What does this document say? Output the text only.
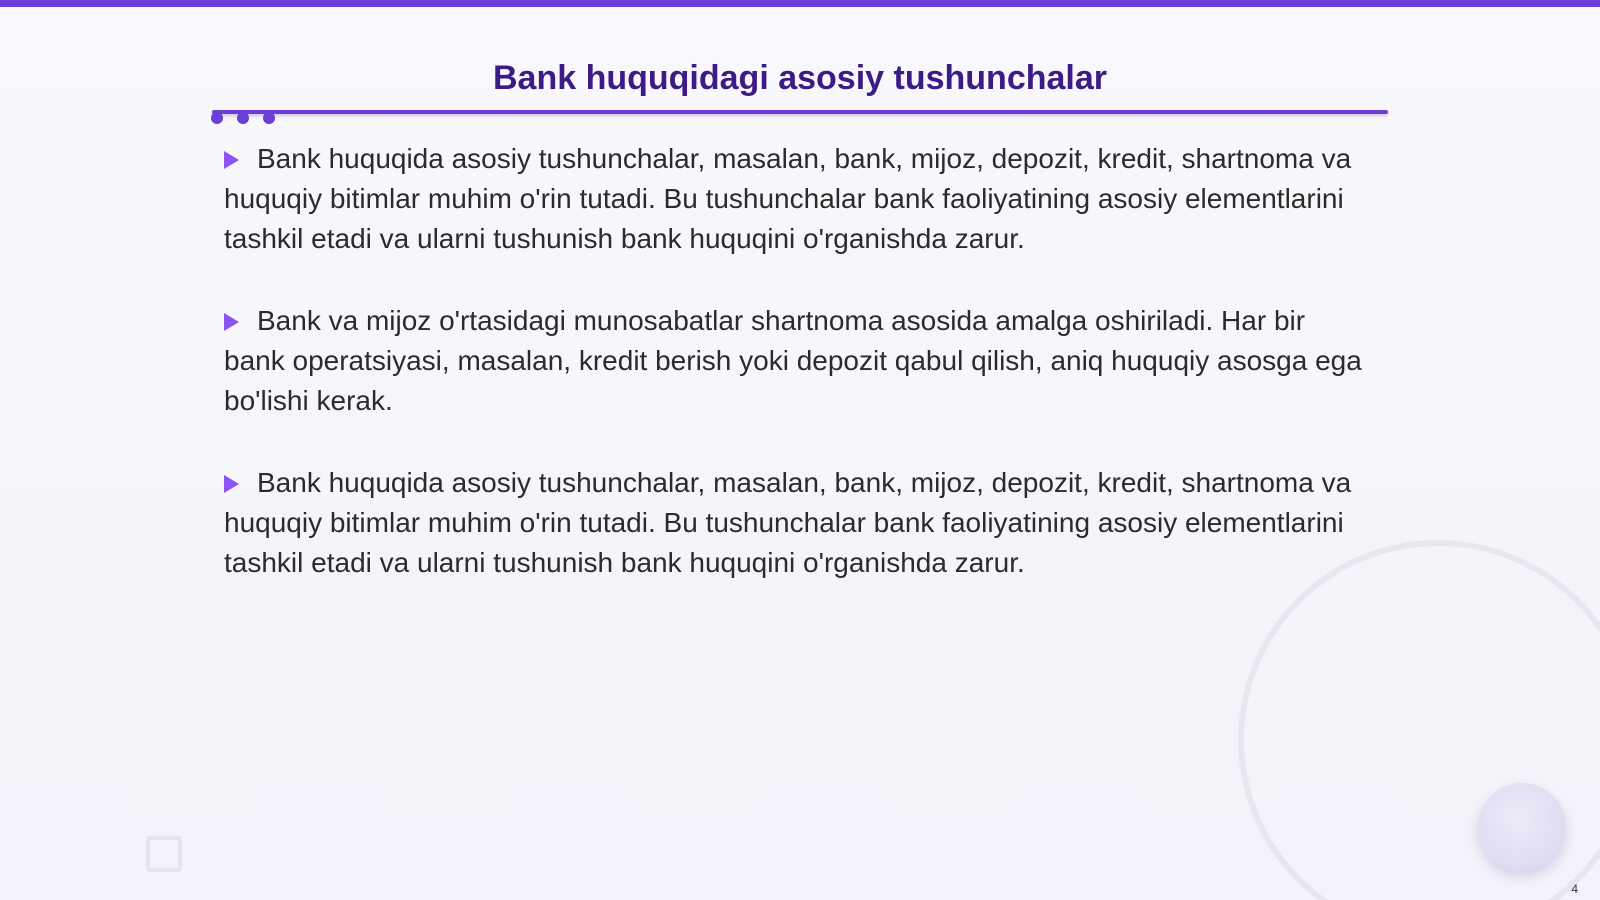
Bank huquqidagi asosiy tushunchalar

Bank huquqida asosiy tushunchalar, masalan, bank, mijoz, depozit, kredit, shartnoma va huquqiy bitimlar muhim o'rin tutadi. Bu tushunchalar bank faoliyatining asosiy elementlarini tashkil etadi va ularni tushunish bank huquqini o'rganishda zarur.

Bank va mijoz o'rtasidagi munosabatlar shartnoma asosida amalga oshiriladi. Har bir bank operatsiyasi, masalan, kredit berish yoki depozit qabul qilish, aniq huquqiy asosga ega bo'lishi kerak.

Bank huquqida asosiy tushunchalar, masalan, bank, mijoz, depozit, kredit, shartnoma va huquqiy bitimlar muhim o'rin tutadi. Bu tushunchalar bank faoliyatining asosiy elementlarini tashkil etadi va ularni tushunish bank huquqini o'rganishda zarur.

4
